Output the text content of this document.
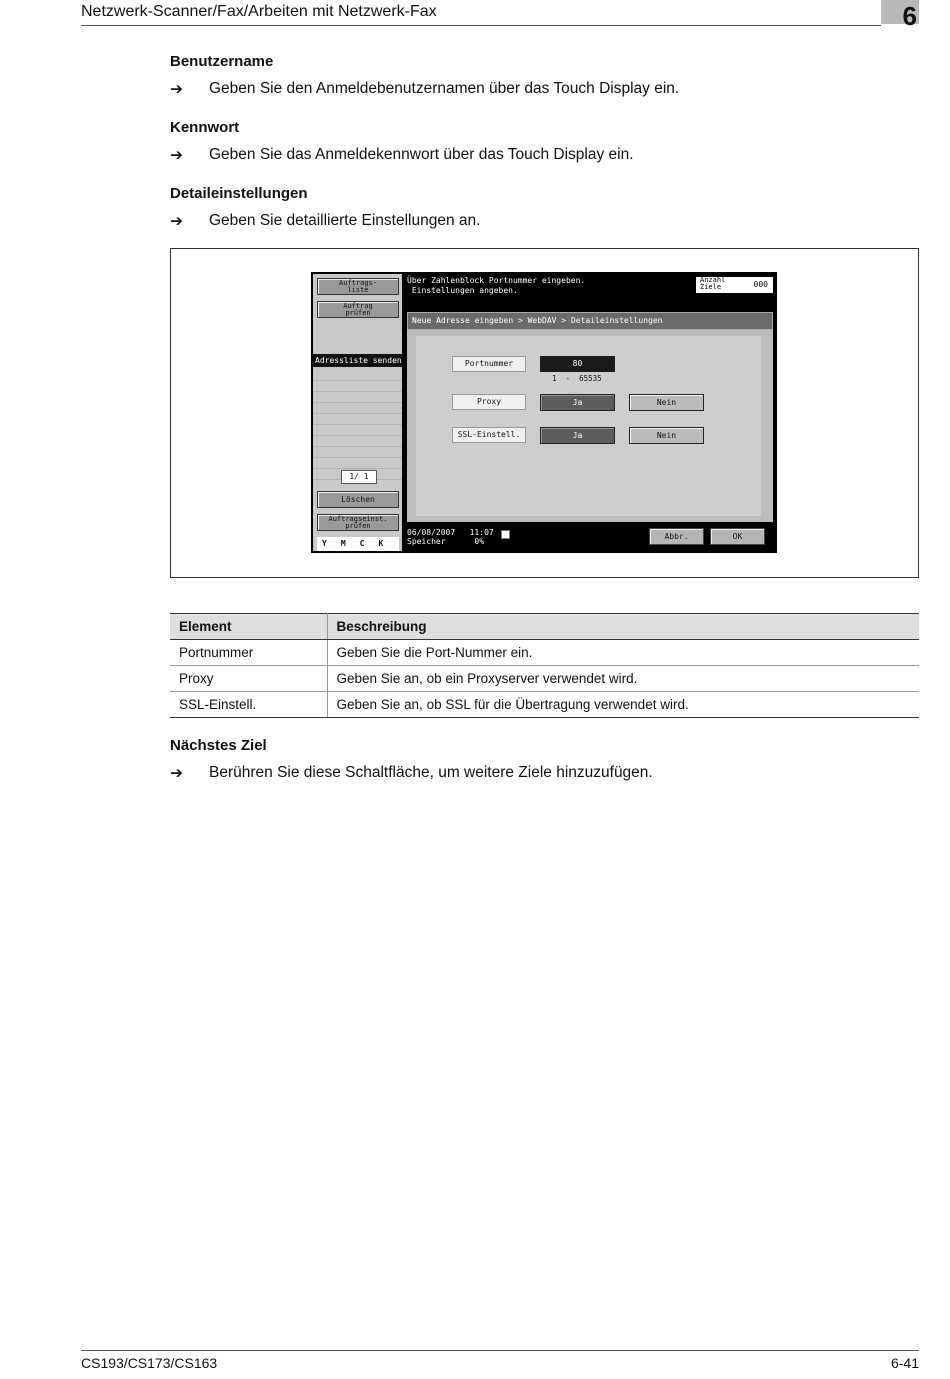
Netzwerk-Scanner/Fax/Arbeiten mit Netzwerk-Fax	6
Benutzername
➔ Geben Sie den Anmeldebenutzernamen über das Touch Display ein.
Kennwort
➔ Geben Sie das Anmeldekennwort über das Touch Display ein.
Detaileinstellungen
➔ Geben Sie detaillierte Einstellungen an.
Auftrags-
liste
Auftrag
prüfen
Adressliste senden
1/ 1
Löschen
Auftragseinst.
prüfen
Y M C K
Über Zahlenblock Portnummer eingeben.
Einstellungen angeben.
Anzahl
Ziele	000
Neue Adresse eingeben > WebDAV > Detaileinstellungen
Portnummer	80
1  -  65535
Proxy	Ja	Nein
SSL-Einstell.	Ja	Nein
06/08/2007   11:07
Speicher      0%
Abbr.	OK
Element	Beschreibung
Portnummer	Geben Sie die Port-Nummer ein.
Proxy	Geben Sie an, ob ein Proxyserver verwendet wird.
SSL-Einstell.	Geben Sie an, ob SSL für die Übertragung verwendet wird.
Nächstes Ziel
➔ Berühren Sie diese Schaltfläche, um weitere Ziele hinzuzufügen.
CS193/CS173/CS163	6-41
